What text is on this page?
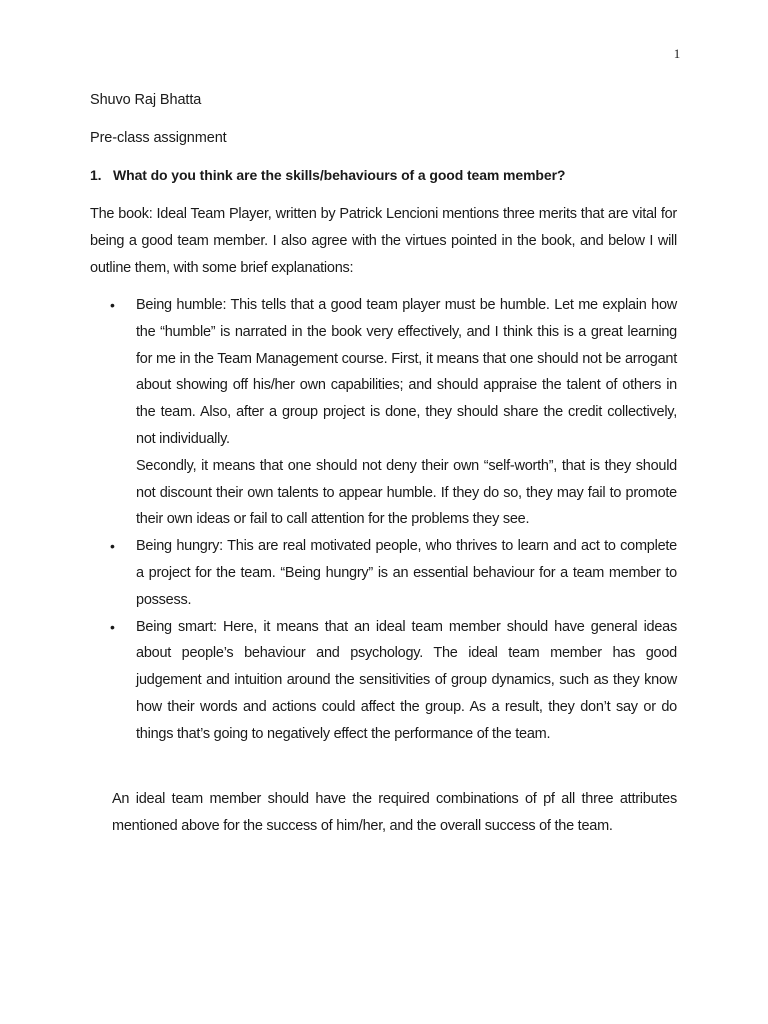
1
Shuvo Raj Bhatta
Pre-class assignment
1. What do you think are the skills/behaviours of a good team member?
The book: Ideal Team Player, written by Patrick Lencioni mentions three merits that are vital for being a good team member. I also agree with the virtues pointed in the book, and below I will outline them, with some brief explanations:
• Being humble: This tells that a good team player must be humble. Let me explain how the “humble” is narrated in the book very effectively, and I think this is a great learning for me in the Team Management course. First, it means that one should not be arrogant about showing off his/her own capabilities; and should appraise the talent of others in the team. Also, after a group project is done, they should share the credit collectively, not individually.

Secondly, it means that one should not deny their own “self-worth”, that is they should not discount their own talents to appear humble. If they do so, they may fail to promote their own ideas or fail to call attention for the problems they see.

• Being hungry: This are real motivated people, who thrives to learn and act to complete a project for the team. “Being hungry” is an essential behaviour for a team member to possess.

• Being smart: Here, it means that an ideal team member should have general ideas about people’s behaviour and psychology. The ideal team member has good judgement and intuition around the sensitivities of group dynamics, such as they know how their words and actions could affect the group. As a result, they don’t say or do things that’s going to negatively effect the performance of the team.

An ideal team member should have the required combinations of pf all three attributes mentioned above for the success of him/her, and the overall success of the team.
